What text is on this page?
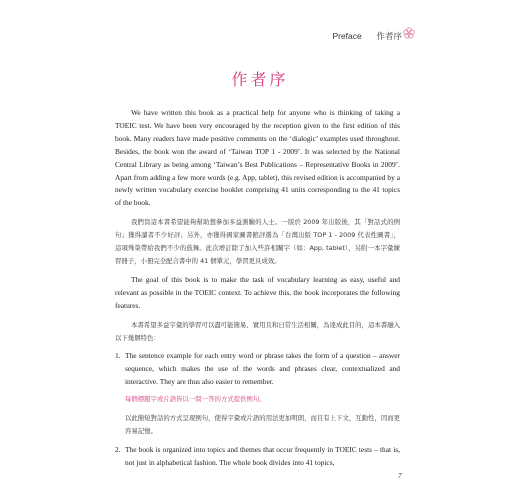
Preface 作者序
作者序

We have written this book as a practical help for anyone who is thinking of taking a TOEIC test. We have been very encouraged by the reception given to the first edition of this book. Many readers have made positive comments on the ‘dialogic’ examples used throughout. Besides, the book won the award of ‘Taiwan TOP 1 - 2009’. It was selected by the National Central Library as being among ‘Taiwan’s Best Publications – Representative Books in 2009’. Apart from adding a few more words (e.g. App, tablet), this revised edition is accompanied by a newly written vocabulary exercise booklet comprising 41 units corresponding to the 41 topics of the book.

我們寫這本書希望能夠幫助想參加多益測驗的人士。一版於 2009 年出版後，其「對話式的例句」獲得讀者不少好評；另外，亦獲得國家圖書館評選為「台灣出版 TOP 1 - 2009 代表性圖書」，這項殊榮帶給我們不少的鼓舞。此次增訂除了加入些許相關字（如：App, tablet），另附一本字彙練習冊子，小冊完全配合書中的 41 個單元，學習更具成效。

The goal of this book is to make the task of vocabulary learning as easy, useful and relevant as possible in the TOEIC context. To achieve this, the book incorporates the following features.

本書希望多益字彙的學習可以盡可能簡易、實用且和日常生活相關，為達成此目的，這本書融入以下幾個特色：

1. The sentence example for each entry word or phrase takes the form of a question – answer sequence, which makes the use of the words and phrases clear, contextualized and interactive. They are thus also easier to remember.

每個標題字或片語皆以一問一答的方式提供例句。

以此簡短對話的方式呈現例句，使得字彙或片語的用法更加明朗，而且有上下文，互動性，因而更容易記憶。

2. The book is organized into topics and themes that occur frequently in TOEIC tests – that is, not just in alphabetical fashion. The whole book divides into 41 topics,
7
